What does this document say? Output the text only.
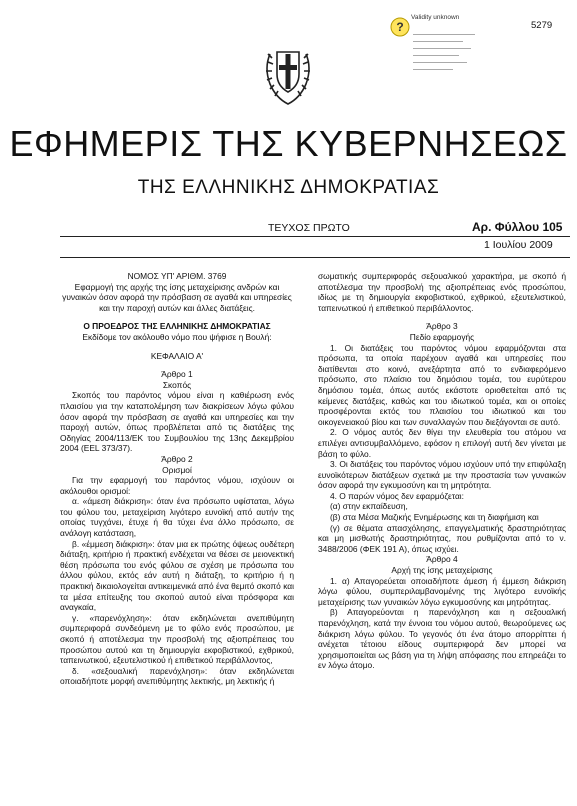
5279
Validity unknown
?
ΕΦΗΜΕΡΙΣ ΤΗΣ ΚΥΒΕΡΝΗΣΕΩΣ
ΤΗΣ ΕΛΛΗΝΙΚΗΣ ΔΗΜΟΚΡΑΤΙΑΣ
ΤΕΥΧΟΣ ΠΡΩΤΟ	Αρ. Φύλλου 105
1 Ιουλίου 2009

ΝΟΜΟΣ ΥΠ' ΑΡΙΘΜ. 3769

Εφαρμογή της αρχής της ίσης μεταχείρισης ανδρών και γυναικών όσον αφορά την πρόσβαση σε αγαθά και υπηρεσίες και την παροχή αυτών και άλλες διατάξεις.

Ο ΠΡΟΕΔΡΟΣ ΤΗΣ ΕΛΛΗΝΙΚΗΣ ΔΗΜΟΚΡΑΤΙΑΣ

Εκδίδομε τον ακόλουθο νόμο που ψήφισε η Βουλή:

ΚΕΦΑΛΑΙΟ Α'

Άρθρο 1

Σκοπός

Σκοπός του παρόντος νόμου είναι η καθιέρωση ενός πλαισίου για την καταπολέμηση των διακρίσεων λόγω φύλου όσον αφορά την πρόσβαση σε αγαθά και υπηρεσίες και την παροχή αυτών, όπως προβλέπεται από τις διατάξεις της Οδηγίας 2004/113/ΕΚ του Συμβουλίου της 13ης Δεκεμβρίου 2004 (ΕΕL 373/37).

Άρθρο 2

Ορισμοί

Για την εφαρμογή του παρόντος νόμου, ισχύουν οι ακόλουθοι ορισμοί:

α. «άμεση διάκριση»: όταν ένα πρόσωπο υφίσταται, λόγω του φύλου του, μεταχείριση λιγότερο ευνοϊκή από αυτήν της οποίας τυγχάνει, έτυχε ή θα τύχει ένα άλλο πρόσωπο, σε ανάλογη κατάσταση,

β. «έμμεση διάκριση»: όταν μια εκ πρώτης όψεως ουδέτερη διάταξη, κριτήριο ή πρακτική ενδέχεται να θέσει σε μειονεκτική θέση πρόσωπα του ενός φύλου σε σχέση με πρόσωπα του άλλου φύλου, εκτός εάν αυτή η διάταξη, το κριτήριο ή η πρακτική δικαιολογείται αντικειμενικά από ένα θεμιτό σκοπό και τα μέσα επίτευξης του σκοπού αυτού είναι πρόσφορα και αναγκαία,

γ. «παρενόχληση»: όταν εκδηλώνεται ανεπιθύμητη συμπεριφορά συνδεόμενη με το φύλο ενός προσώπου, με σκοπό ή αποτέλεσμα την προσβολή της αξιοπρέπειας του προσώπου αυτού και τη δημιουργία εκφοβιστικού, εχθρικού, ταπεινωτικού, εξευτελιστικού ή επιθετικού περιβάλλοντος,

δ. «σεξουαλική παρενόχληση»: όταν εκδηλώνεται οποιαδήποτε μορφή ανεπιθύμητης λεκτικής, μη λεκτικής ή

σωματικής συμπεριφοράς σεξουαλικού χαρακτήρα, με σκοπό ή αποτέλεσμα την προσβολή της αξιοπρέπειας ενός προσώπου, ιδίως με τη δημιουργία εκφοβιστικού, εχθρικού, εξευτελιστικού, ταπεινωτικού ή επιθετικού περιβάλλοντος.

Άρθρο 3

Πεδίο εφαρμογής

1. Οι διατάξεις του παρόντος νόμου εφαρμόζονται στα πρόσωπα, τα οποία παρέχουν αγαθά και υπηρεσίες που διατίθενται στο κοινό, ανεξάρτητα από το ενδιαφερόμενο πρόσωπο, στο πλαίσιο του δημόσιου τομέα, του ευρύτερου δημόσιου τομέα, όπως αυτός εκάστοτε οριοθετείται από τις κείμενες διατάξεις, καθώς και του ιδιωτικού τομέα, και οι οποίες προσφέρονται εκτός του πλαισίου του ιδιωτικού και του οικογενειακού βίου και των συναλλαγών που διεξάγονται σε αυτό.

2. Ο νόμος αυτός δεν θίγει την ελευθερία του ατόμου να επιλέγει αντισυμβαλλόμενο, εφόσον η επιλογή αυτή δεν γίνεται με βάση το φύλο.

3. Οι διατάξεις του παρόντος νόμου ισχύουν υπό την επιφύλαξη ευνοϊκότερων διατάξεων σχετικά με την προστασία των γυναικών όσον αφορά την εγκυμοσύνη και τη μητρότητα.

4. Ο παρών νόμος δεν εφαρμόζεται:

(α) στην εκπαίδευση,

(β) στα Μέσα Μαζικής Ενημέρωσης και τη διαφήμιση και

(γ) σε θέματα απασχόλησης, επαγγελματικής δραστηριότητας και μη μισθωτής δραστηριότητας, που ρυθμίζονται από το ν. 3488/2006 (ΦΕΚ 191 Α), όπως ισχύει.

Άρθρο 4

Αρχή της ίσης μεταχείρισης

1. α) Απαγορεύεται οποιαδήποτε άμεση ή έμμεση διάκριση λόγω φύλου, συμπεριλαμβανομένης της λιγότερο ευνοϊκής μεταχείρισης των γυναικών λόγω εγκυμοσύνης και μητρότητας.

β) Απαγορεύονται η παρενόχληση και η σεξουαλική παρενόχληση, κατά την έννοια του νόμου αυτού, θεωρούμενες ως διάκριση λόγω φύλου. Το γεγονός ότι ένα άτομο απορρίπτει ή ανέχεται τέτοιου είδους συμπεριφορά δεν μπορεί να χρησιμοποιείται ως βάση για τη λήψη απόφασης που επηρεάζει το εν λόγω άτομο.
